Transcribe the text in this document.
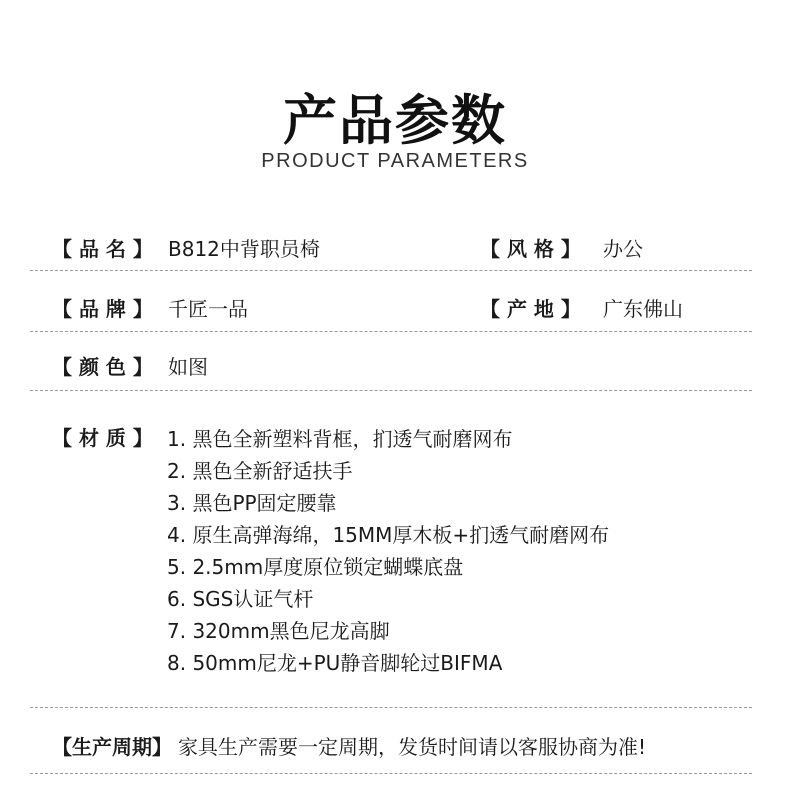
产品参数
PRODUCT PARAMETERS
【 品 名 】 B812中背职员椅	【 风 格 】 办公
【 品 牌 】 千匠一品	【 产 地 】 广东佛山
【 颜 色 】 如图
【 材 质 】 1. 黑色全新塑料背框，扪透气耐磨网布
2. 黑色全新舒适扶手
3. 黑色PP固定腰靠
4. 原生高弹海绵，15MM厚木板+扪透气耐磨网布
5. 2.5mm厚度原位锁定蝴蝶底盘
6. SGS认证气杆
7. 320mm黑色尼龙高脚
8. 50mm尼龙+PU静音脚轮过BIFMA
【生产周期】 家具生产需要一定周期，发货时间请以客服协商为准!
